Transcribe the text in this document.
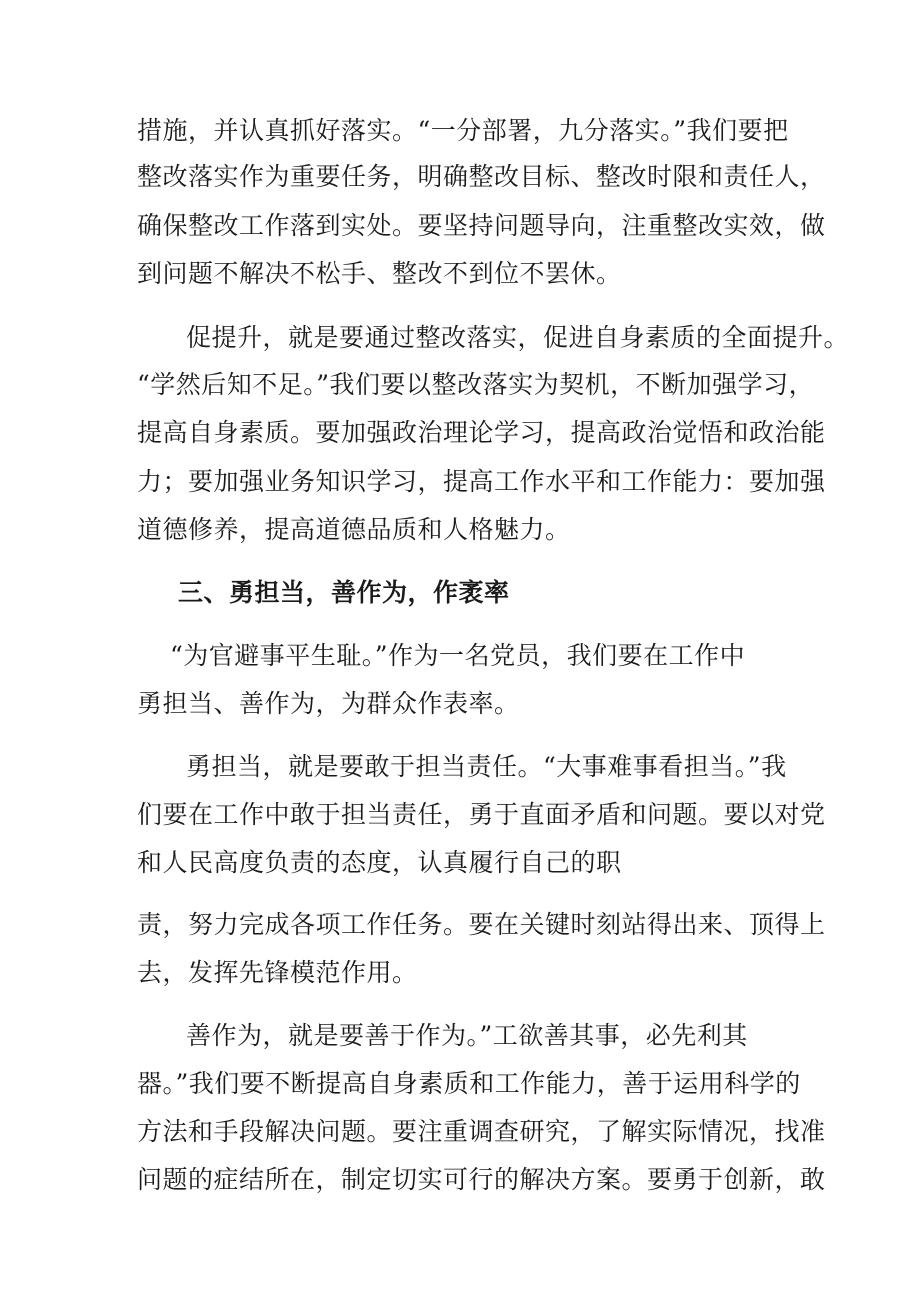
措施，并认真抓好落实。“一分部署，九分落实。”我们要把
整改落实作为重要任务，明确整改目标、整改时限和责任人，
确保整改工作落到实处。要坚持问题导向，注重整改实效，做
到问题不解决不松手、整改不到位不罢休。
促提升，就是要通过整改落实，促进自身素质的全面提升。
“学然后知不足。”我们要以整改落实为契机，不断加强学习，
提高自身素质。要加强政治理论学习，提高政治觉悟和政治能
力；要加强业务知识学习，提高工作水平和工作能力：要加强
道德修养，提高道德品质和人格魅力。
三、勇担当，善作为，作袤率
“为官避事平生耻。”作为一名党员，我们要在工作中
勇担当、善作为，为群众作表率。
勇担当，就是要敢于担当责任。“大事难事看担当。”我
们要在工作中敢于担当责任，勇于直面矛盾和问题。要以对党
和人民高度负责的态度，认真履行自己的职
责，努力完成各项工作任务。要在关键时刻站得出来、顶得上
去，发挥先锋模范作用。
善作为，就是要善于作为。”工欲善其事，必先利其
器。”我们要不断提高自身素质和工作能力，善于运用科学的
方法和手段解决问题。要注重调查研究，了解实际情况，找准
问题的症结所在，制定切实可行的解决方案。要勇于创新，敢
